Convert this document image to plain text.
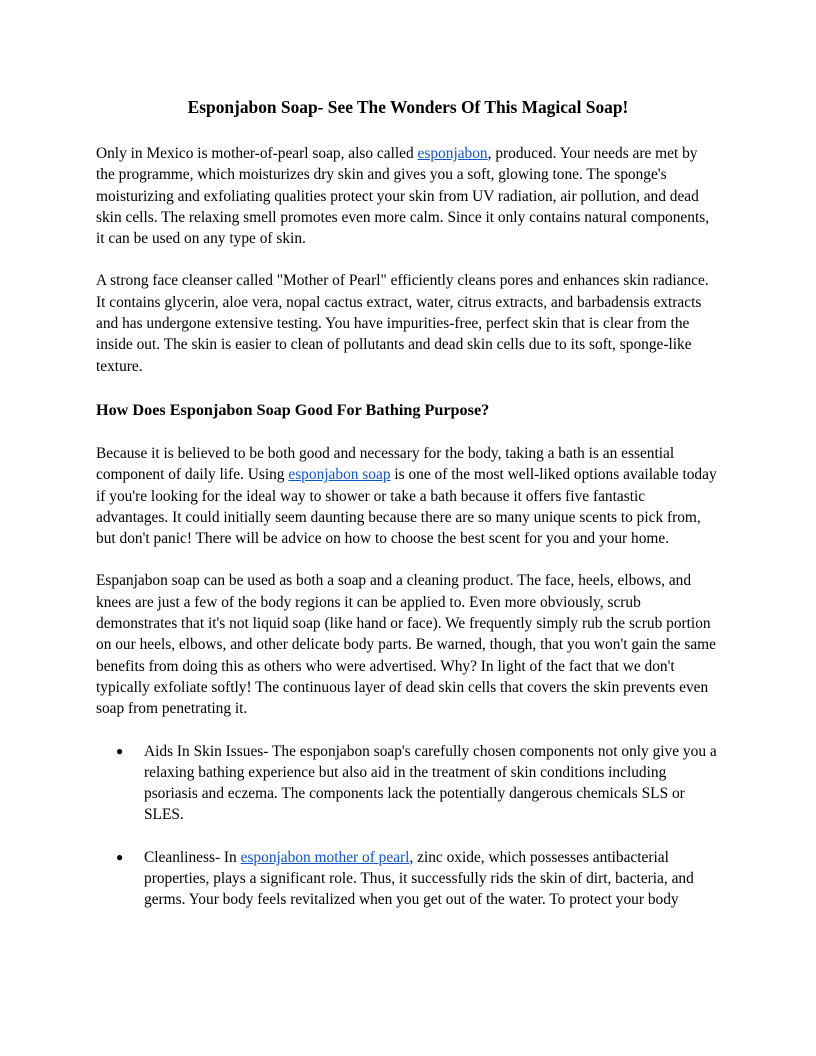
Esponjabon Soap- See The Wonders Of This Magical Soap!

Only in Mexico is mother-of-pearl soap, also called esponjabon, produced. Your needs are met by the programme, which moisturizes dry skin and gives you a soft, glowing tone. The sponge's moisturizing and exfoliating qualities protect your skin from UV radiation, air pollution, and dead skin cells. The relaxing smell promotes even more calm. Since it only contains natural components, it can be used on any type of skin.

A strong face cleanser called "Mother of Pearl" efficiently cleans pores and enhances skin radiance. It contains glycerin, aloe vera, nopal cactus extract, water, citrus extracts, and barbadensis extracts and has undergone extensive testing. You have impurities-free, perfect skin that is clear from the inside out. The skin is easier to clean of pollutants and dead skin cells due to its soft, sponge-like texture.

How Does Esponjabon Soap Good For Bathing Purpose?

Because it is believed to be both good and necessary for the body, taking a bath is an essential component of daily life. Using esponjabon soap is one of the most well-liked options available today if you're looking for the ideal way to shower or take a bath because it offers five fantastic advantages. It could initially seem daunting because there are so many unique scents to pick from, but don't panic! There will be advice on how to choose the best scent for you and your home.

Espanjabon soap can be used as both a soap and a cleaning product. The face, heels, elbows, and knees are just a few of the body regions it can be applied to. Even more obviously, scrub demonstrates that it's not liquid soap (like hand or face). We frequently simply rub the scrub portion on our heels, elbows, and other delicate body parts. Be warned, though, that you won't gain the same benefits from doing this as others who were advertised. Why? In light of the fact that we don't typically exfoliate softly! The continuous layer of dead skin cells that covers the skin prevents even soap from penetrating it.

● Aids In Skin Issues- The esponjabon soap's carefully chosen components not only give you a relaxing bathing experience but also aid in the treatment of skin conditions including psoriasis and eczema. The components lack the potentially dangerous chemicals SLS or SLES.
● Cleanliness- In esponjabon mother of pearl, zinc oxide, which possesses antibacterial properties, plays a significant role. Thus, it successfully rids the skin of dirt, bacteria, and germs. Your body feels revitalized when you get out of the water. To protect your body
